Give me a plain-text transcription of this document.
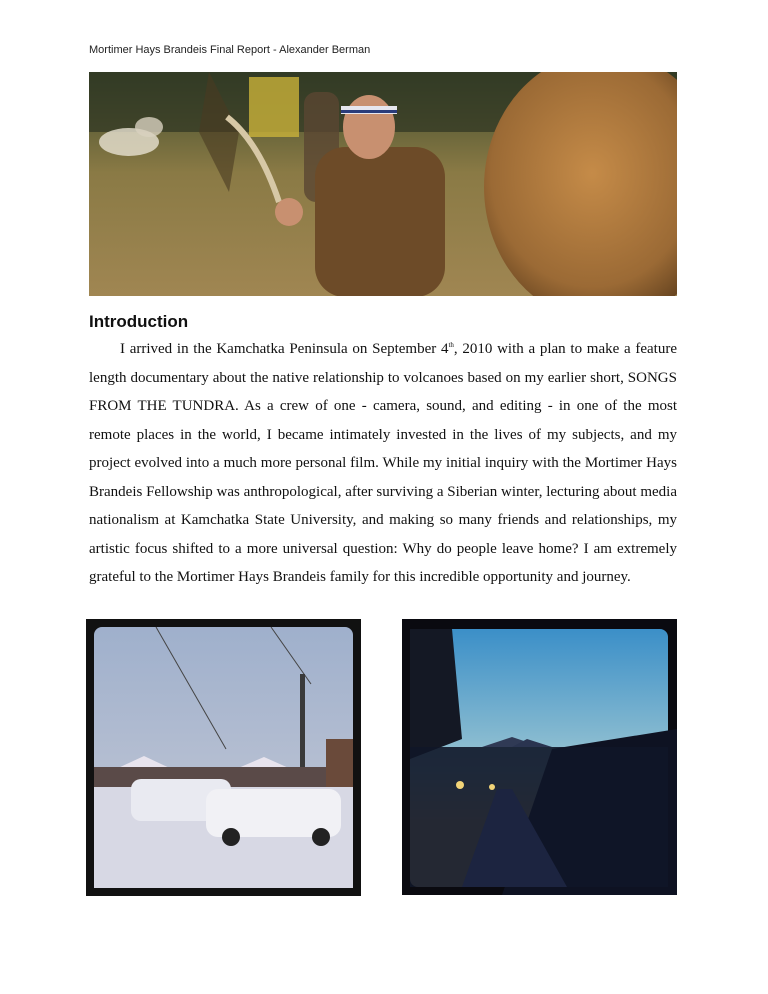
Mortimer Hays Brandeis Final Report - Alexander Berman
Introduction

I arrived in the Kamchatka Peninsula on September 4th, 2010 with a plan to make a feature length documentary about the native relationship to volcanoes based on my earlier short, SONGS FROM THE TUNDRA. As a crew of one - camera, sound, and editing - in one of the most remote places in the world, I became intimately invested in the lives of my subjects, and my project evolved into a much more personal film. While my initial inquiry with the Mortimer Hays Brandeis Fellowship was anthropological, after surviving a Siberian winter, lecturing about media nationalism at Kamchatka State University, and making so many friends and relationships, my artistic focus shifted to a more universal question: Why do people leave home? I am extremely grateful to the Mortimer Hays Brandeis family for this incredible opportunity and journey.
